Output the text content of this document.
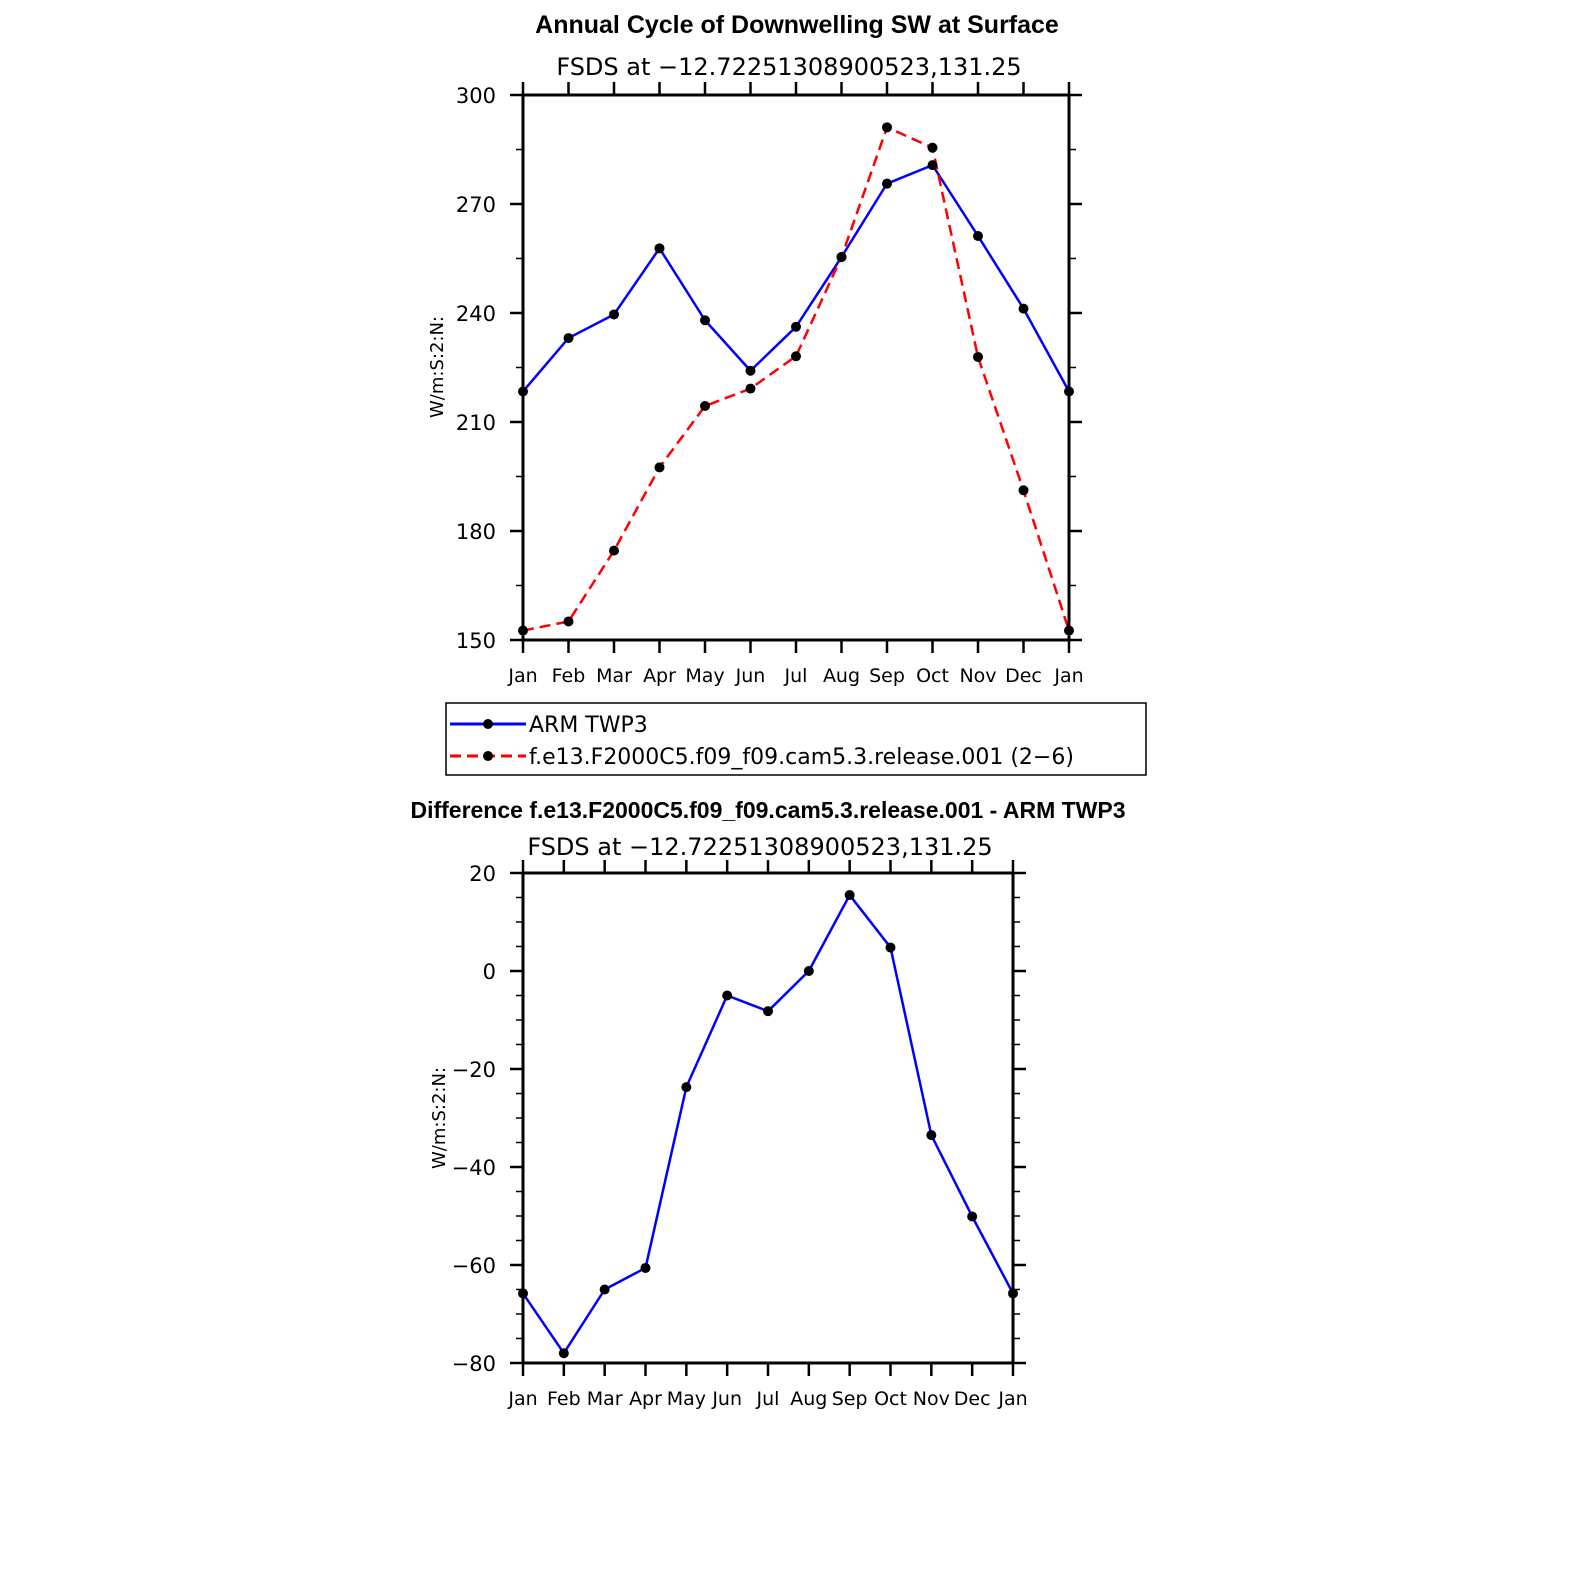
Annual Cycle of Downwelling SW at Surface
FSDS at −12.72251308900523,131.25
W/m:S:2:N:
Jan Feb Mar Apr May Jun Jul Aug Sep Oct Nov Dec Jan
150
180
210
240
270
300
ARM TWP3
f.e13.F2000C5.f09_f09.cam5.3.release.001 (2−6)
Difference f.e13.F2000C5.f09_f09.cam5.3.release.001 - ARM TWP3
FSDS at −12.72251308900523,131.25
W/m:S:2:N:
Jan Feb Mar Apr May Jun Jul Aug Sep Oct Nov Dec Jan
−80
−60
−40
−20
0
20
